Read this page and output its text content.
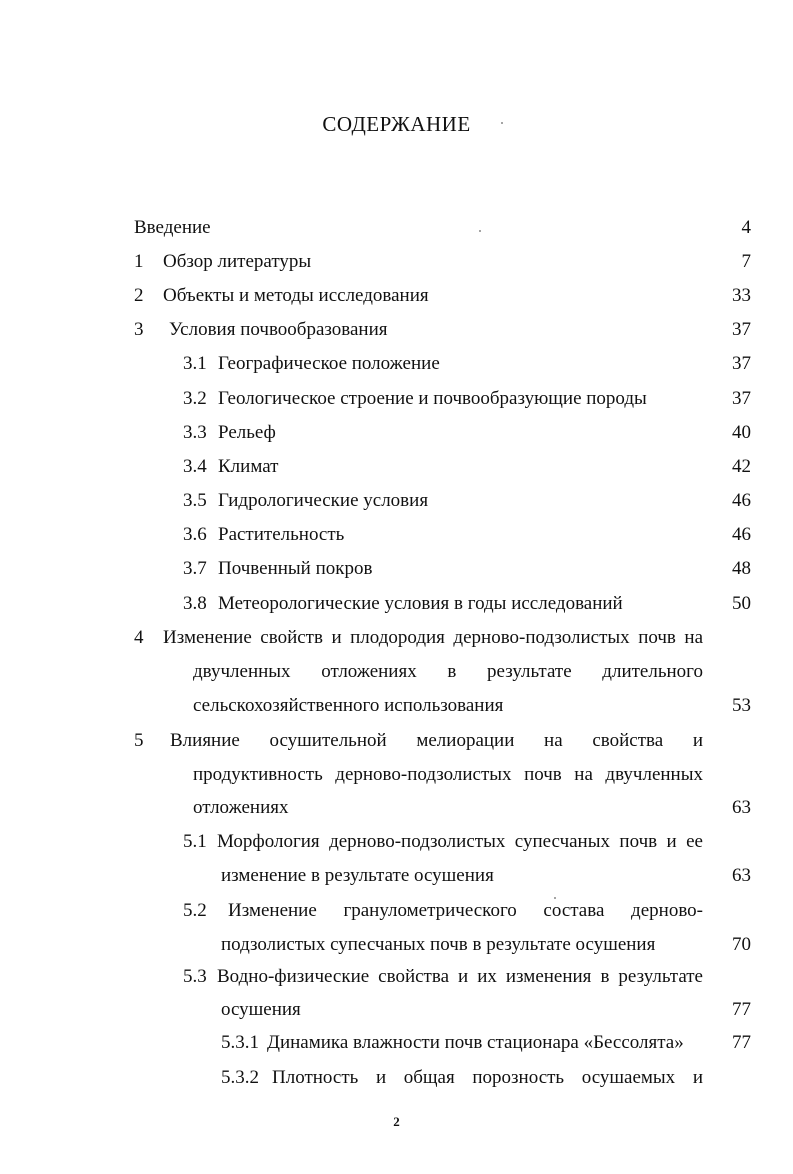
СОДЕРЖАНИЕ
Введение	4
1 Обзор литературы	7
2 Объекты и методы исследования	33
3 Условия почвообразования	37
3.1 Географическое положение	37
3.2 Геологическое строение и почвообразующие породы	37
3.3 Рельеф	40
3.4 Климат	42
3.5 Гидрологические условия	46
3.6 Растительность	46
3.7 Почвенный покров	48
3.8 Метеорологические условия в годы исследований	50
4 Изменение свойств и плодородия дерново-подзолистых почв на
двучленных отложениях в результате длительного
сельскохозяйственного использования	53
5 Влияние осушительной мелиорации на свойства и
продуктивность дерново-подзолистых почв на двучленных
отложениях	63
5.1 Морфология дерново-подзолистых супесчаных почв и ее
изменение в результате осушения	63
5.2 Изменение гранулометрического состава дерново-
подзолистых супесчаных почв в результате осушения	70
5.3 Водно-физические свойства и их изменения в результате
осушения	77
5.3.1 Динамика влажности почв стационара «Бессолята»	77
5.3.2 Плотность и общая порозность осушаемых и
2
